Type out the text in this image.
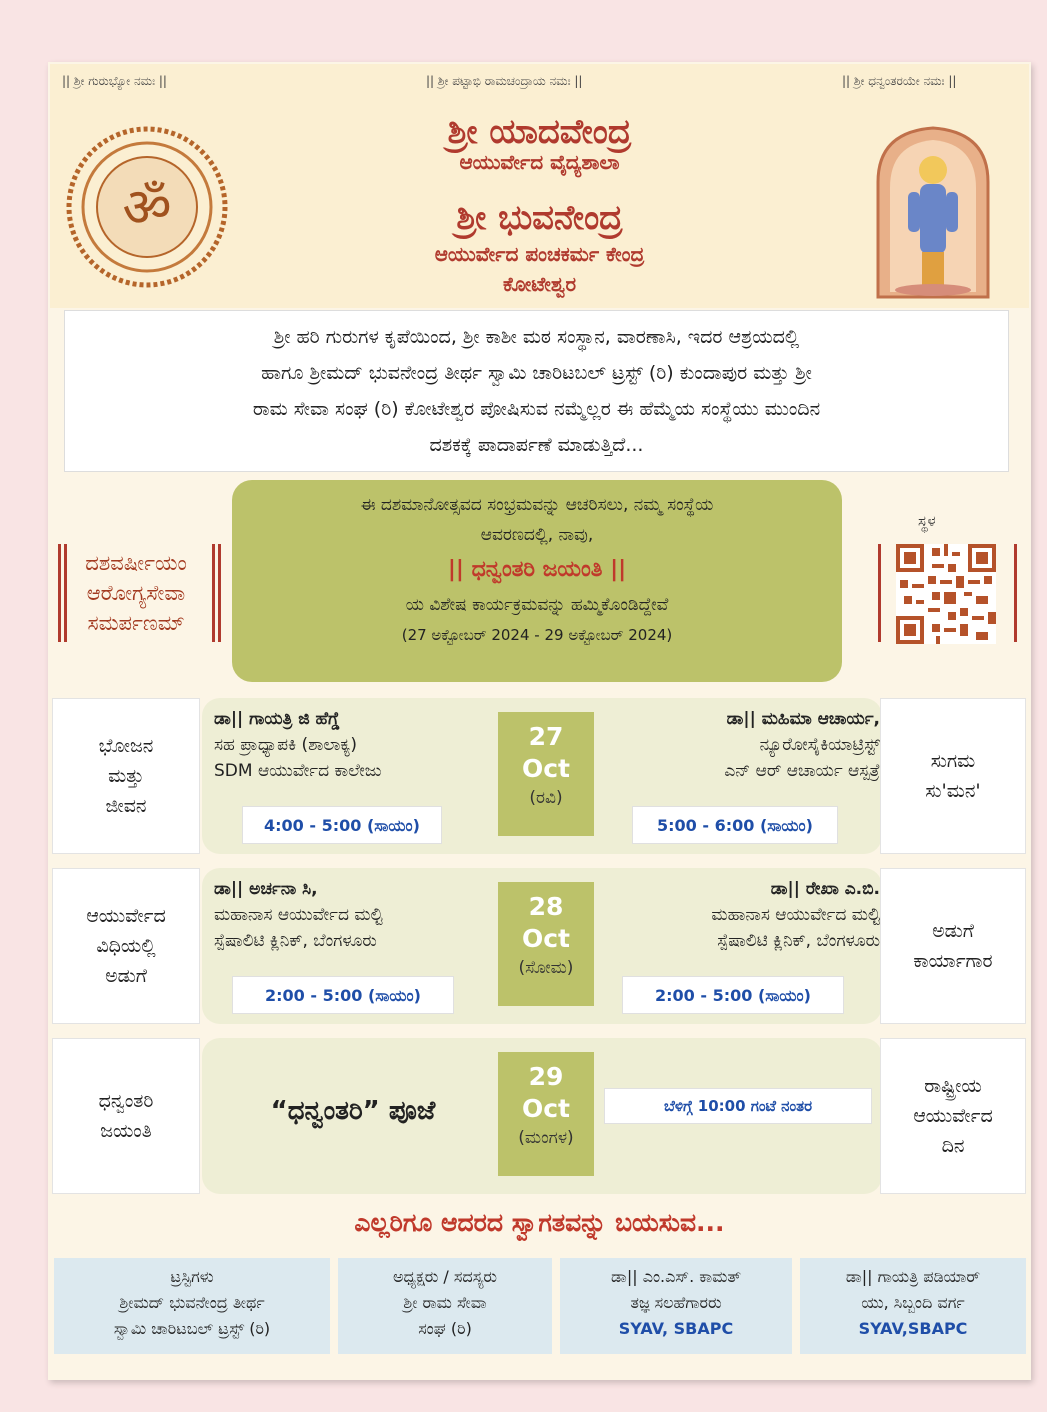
|| ಶ್ರೀ ಗುರುಭ್ಯೋ ನಮಃ ||	|| ಶ್ರೀ ಪಟ್ಟಾಭಿ ರಾಮಚಂದ್ರಾಯ ನಮಃ ||	|| ಶ್ರೀ ಧನ್ವಂತರಯೇ ನಮಃ ||
ॐ
ಶ್ರೀ ಯಾದವೇಂದ್ರ
ಆಯುರ್ವೇದ ವೈದ್ಯಶಾಲಾ
ಶ್ರೀ ಭುವನೇಂದ್ರ
ಆಯುರ್ವೇದ ಪಂಚಕರ್ಮ ಕೇಂದ್ರ
ಕೋಟೇಶ್ವರ
ಶ್ರೀ ಹರಿ ಗುರುಗಳ ಕೃಪೆಯಿಂದ, ಶ್ರೀ ಕಾಶೀ ಮಠ ಸಂಸ್ಥಾನ, ವಾರಣಾಸಿ, ಇದರ ಆಶ್ರಯದಲ್ಲಿ
ಹಾಗೂ ಶ್ರೀಮದ್ ಭುವನೇಂದ್ರ ತೀರ್ಥ ಸ್ವಾಮಿ ಚಾರಿಟಬಲ್ ಟ್ರಸ್ಟ್ (ರಿ) ಕುಂದಾಪುರ ಮತ್ತು ಶ್ರೀ
ರಾಮ ಸೇವಾ ಸಂಘ (ರಿ) ಕೋಟೇಶ್ವರ ಪೋಷಿಸುವ ನಮ್ಮೆಲ್ಲರ ಈ ಹೆಮ್ಮೆಯ ಸಂಸ್ಥೆಯು ಮುಂದಿನ
ದಶಕಕ್ಕೆ ಪಾದಾರ್ಪಣೆ ಮಾಡುತ್ತಿದೆ...
ದಶವರ್ಷೀಯಂ
ಆರೋಗ್ಯಸೇವಾ
ಸಮರ್ಪಣಮ್
ಈ ದಶಮಾನೋತ್ಸವದ ಸಂಭ್ರಮವನ್ನು ಆಚರಿಸಲು, ನಮ್ಮ ಸಂಸ್ಥೆಯ
ಆವರಣದಲ್ಲಿ, ನಾವು,
|| ಧನ್ವಂತರಿ ಜಯಂತಿ ||
ಯ ವಿಶೇಷ ಕಾರ್ಯಕ್ರಮವನ್ನು ಹಮ್ಮಿಕೊಂಡಿದ್ದೇವೆ
(27 ಅಕ್ಟೋಬರ್ 2024 - 29 ಅಕ್ಟೋಬರ್ 2024)
ಸ್ಥಳ
ಭೋಜನ
ಮತ್ತು
ಜೀವನ
ಡಾ|| ಗಾಯತ್ರಿ ಜಿ ಹೆಗ್ಡೆ
ಸಹ ಪ್ರಾಧ್ಯಾಪಕಿ (ಶಾಲಾಕ್ಯ)
SDM ಆಯುರ್ವೇದ ಕಾಲೇಜು
4:00 - 5:00 (ಸಾಯಂ)
27
Oct
(ರವಿ)
ಡಾ|| ಮಹಿಮಾ ಆಚಾರ್ಯ,
ನ್ಯೂರೋಸೈಕಿಯಾಟ್ರಿಸ್ಟ್
ಎನ್ ಆರ್ ಆಚಾರ್ಯ ಆಸ್ಪತ್ರೆ
5:00 - 6:00 (ಸಾಯಂ)
ಸುಗಮ
ಸು'ಮನ'
ಆಯುರ್ವೇದ
ವಿಧಿಯಲ್ಲಿ
ಅಡುಗೆ
ಡಾ|| ಅರ್ಚನಾ ಸಿ,
ಮಹಾನಾಸ ಆಯುರ್ವೇದ ಮಲ್ಟಿ
ಸ್ಪೆಷಾಲಿಟಿ ಕ್ಲಿನಿಕ್, ಬೆಂಗಳೂರು
2:00 - 5:00 (ಸಾಯಂ)
28
Oct
(ಸೋಮ)
ಡಾ|| ರೇಖಾ ಎ.ಬಿ.
ಮಹಾನಾಸ ಆಯುರ್ವೇದ ಮಲ್ಟಿ
ಸ್ಪೆಷಾಲಿಟಿ ಕ್ಲಿನಿಕ್, ಬೆಂಗಳೂರು
2:00 - 5:00 (ಸಾಯಂ)
ಅಡುಗೆ
ಕಾರ್ಯಾಗಾರ
ಧನ್ವಂತರಿ
ಜಯಂತಿ
“ಧನ್ವಂತರಿ” ಪೂಜೆ
29
Oct
(ಮಂಗಳ)
ಬೆಳಿಗ್ಗೆ 10:00 ಗಂಟೆ ನಂತರ
ರಾಷ್ಟ್ರೀಯ
ಆಯುರ್ವೇದ
ದಿನ
ಎಲ್ಲರಿಗೂ ಆದರದ ಸ್ವಾಗತವನ್ನು ಬಯಸುವ...
ಟ್ರಸ್ಟಿಗಳು
ಶ್ರೀಮದ್ ಭುವನೇಂದ್ರ ತೀರ್ಥ
ಸ್ವಾಮಿ ಚಾರಿಟಬಲ್ ಟ್ರಸ್ಟ್ (ರಿ)
ಅಧ್ಯಕ್ಷರು / ಸದಸ್ಯರು
ಶ್ರೀ ರಾಮ ಸೇವಾ
ಸಂಘ (ರಿ)
ಡಾ|| ಎಂ.ಎಸ್. ಕಾಮತ್
ತಜ್ಞ ಸಲಹೆಗಾರರು
SYAV, SBAPC
ಡಾ|| ಗಾಯತ್ರಿ ಪಡಿಯಾರ್
ಯು, ಸಿಬ್ಬಂದಿ ವರ್ಗ
SYAV,SBAPC
